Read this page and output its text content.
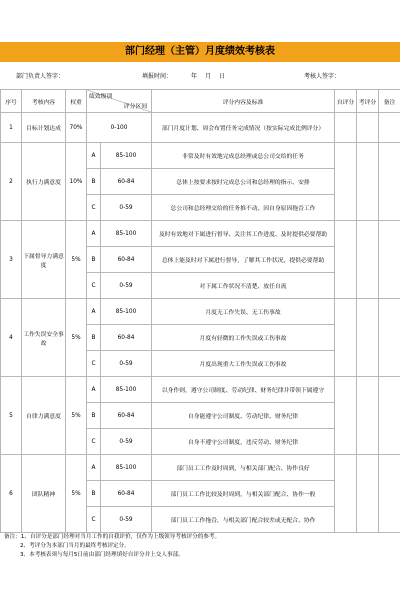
部门经理（主管）月度绩效考核表
部门负责人签字：	填报时间：	年 月 日	考核人签字：
序号	考核内容	权重	绩效级别
评分区间		评分内容及标准	自评分	考评分	备注
1	目标计划达成	70%	0-100		部门月度计划、周会布置任务完成情况（按实际完成比例评分）			
2	执行力满意度	10%	A	85-100	非常及时有效地完成总经理或总公司交给的任务			
			B	60-84	总体上按要求按时完成总公司和总经理的指示、安排			
			C	0-59	总公司和总经理交给的任务推不动、因自身原因拖沓工作			
3	下属督导力满意度	5%	A	85-100	及时有效地对下属进行督导、关注其工作进度、及时提供必要帮助			
			B	60-84	总体上能及时对下属进行督导，了解其工作状况，提供必要帮助			
			C	0-59	对下属工作状况不清楚、放任自流			
4	工作失误安全事故	5%	A	85-100	月度无工作失误、无工伤事故			
			B	60-84	月度有轻微的工作失误或工伤事故			
			C	0-59	月度出现重大工作失误或工伤事故			
5	自律力满意度	5%	A	85-100	以身作则，遵守公司制度、劳动纪律、财务纪律并带领下属遵守			
			B	60-84	自身能遵守公司制度、劳动纪律、财务纪律			
			C	0-59	自身不遵守公司制度，违反劳动、财务纪律			
6	团队精神	5%	A	85-100	部门员工工作及时周到，与相关部门配合、协作良好			
			B	60-84	部门员工工作比较及时周到，与相关部门配合、协作一般			
			C	0-59	部门员工工作拖沓，与相关部门配合较差或无配合、协作			
备注：1、自评分是部门经理对当月工作的自我评价，仅作为上级领导考核评分的参考。
2、考评分为本部门当月的最终考核评定分。
3、本考核表须与每月5日前由部门经理填好自评分并上交人事部。
